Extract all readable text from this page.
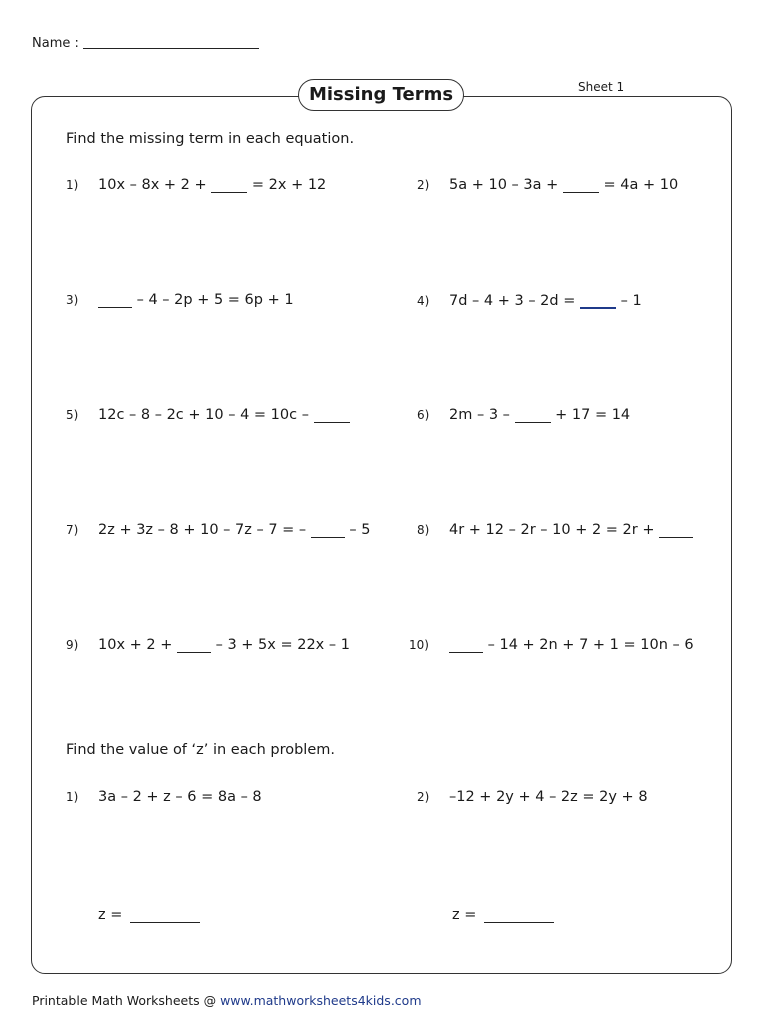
Name :
Sheet 1
Missing Terms
Find the missing term in each equation.
1) 10x – 8x + 2 +	= 2x + 12	2) 5a + 10 – 3a +	= 4a + 10
3)	– 4 – 2p + 5 = 6p + 1	4) 7d – 4 + 3 – 2d =	– 1
5) 12c – 8 – 2c + 10 – 4 = 10c –	6) 2m – 3 –	+ 17 = 14
7) 2z + 3z – 8 + 10 – 7z – 7 = –	– 5	8) 4r + 12 – 2r – 10 + 2 = 2r +
9) 10x + 2 +	– 3 + 5x = 22x – 1	10)	– 14 + 2n + 7 + 1 = 10n – 6
Find the value of ‘z’ in each problem.
1) 3a – 2 + z – 6 = 8a – 8	2) –12 + 2y + 4 – 2z = 2y + 8
z =	z =
Printable Math Worksheets @ www.mathworksheets4kids.com
